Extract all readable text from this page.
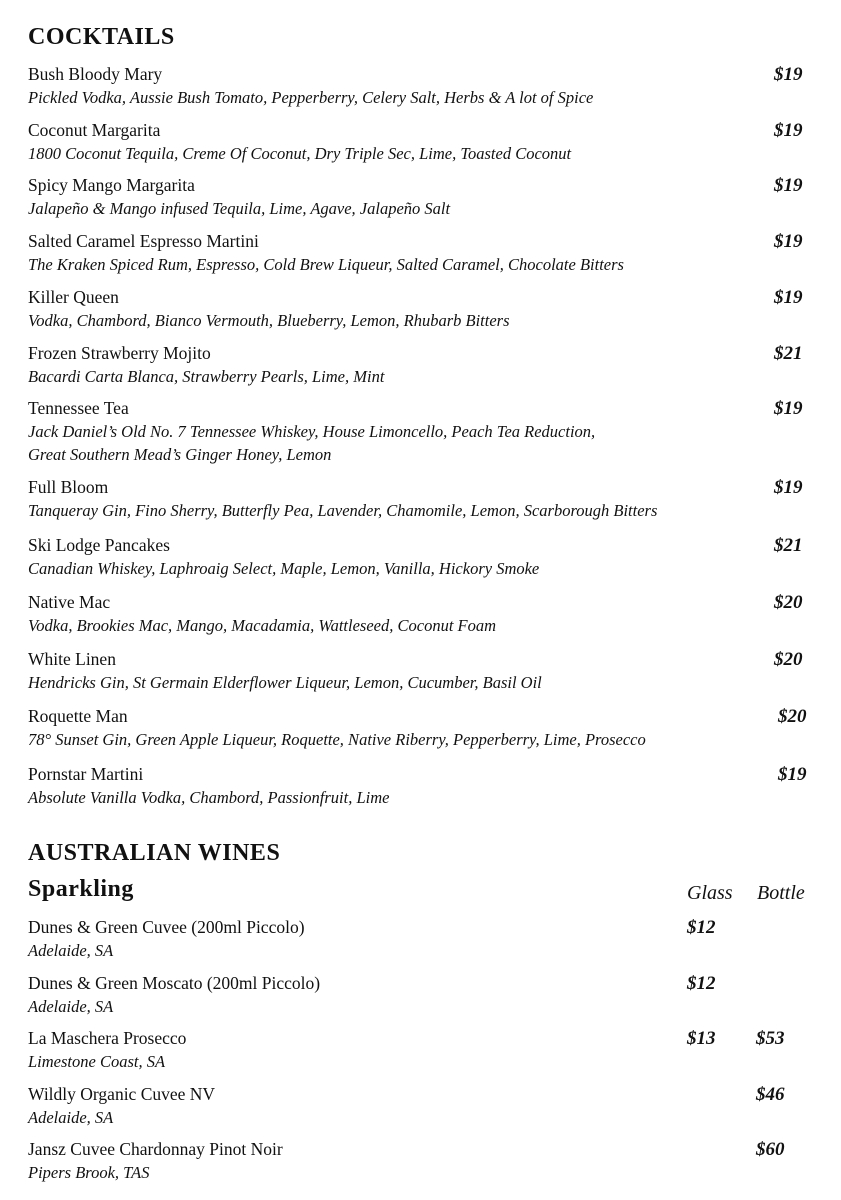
COCKTAILS
Bush Bloody Mary
Pickled Vodka, Aussie Bush Tomato, Pepperberry, Celery Salt, Herbs & A lot of Spice
$19
Coconut Margarita
1800 Coconut Tequila, Creme Of Coconut, Dry Triple Sec, Lime, Toasted Coconut
$19
Spicy Mango Margarita
Jalapeño & Mango infused Tequila, Lime, Agave, Jalapeño Salt
$19
Salted Caramel Espresso Martini
The Kraken Spiced Rum, Espresso, Cold Brew Liqueur, Salted Caramel, Chocolate Bitters
$19
Killer Queen
Vodka, Chambord, Bianco Vermouth, Blueberry, Lemon, Rhubarb Bitters
$19
Frozen Strawberry Mojito
Bacardi Carta Blanca, Strawberry Pearls, Lime, Mint
$21
Tennessee Tea
Jack Daniel’s Old No. 7 Tennessee Whiskey, House Limoncello, Peach Tea Reduction,
Great Southern Mead’s Ginger Honey, Lemon
$19
Full Bloom
Tanqueray Gin, Fino Sherry, Butterfly Pea, Lavender, Chamomile, Lemon, Scarborough Bitters
$19
Ski Lodge Pancakes
Canadian Whiskey, Laphroaig Select, Maple, Lemon, Vanilla, Hickory Smoke
$21
Native Mac
Vodka, Brookies Mac, Mango, Macadamia, Wattleseed, Coconut Foam
$20
White Linen
Hendricks Gin, St Germain Elderflower Liqueur, Lemon, Cucumber, Basil Oil
$20
Roquette Man
78° Sunset Gin, Green Apple Liqueur, Roquette, Native Riberry, Pepperberry, Lime, Prosecco
$20
Pornstar Martini
Absolute Vanilla Vodka, Chambord, Passionfruit, Lime
$19
AUSTRALIAN WINES
Sparkling	Glass Bottle
Dunes & Green Cuvee (200ml Piccolo)
Adelaide, SA
$12
Dunes & Green Moscato (200ml Piccolo)
Adelaide, SA
$12
La Maschera Prosecco
Limestone Coast, SA
$13 $53
Wildly Organic Cuvee NV
Adelaide, SA
$46
Jansz Cuvee Chardonnay Pinot Noir
Pipers Brook, TAS
$60
